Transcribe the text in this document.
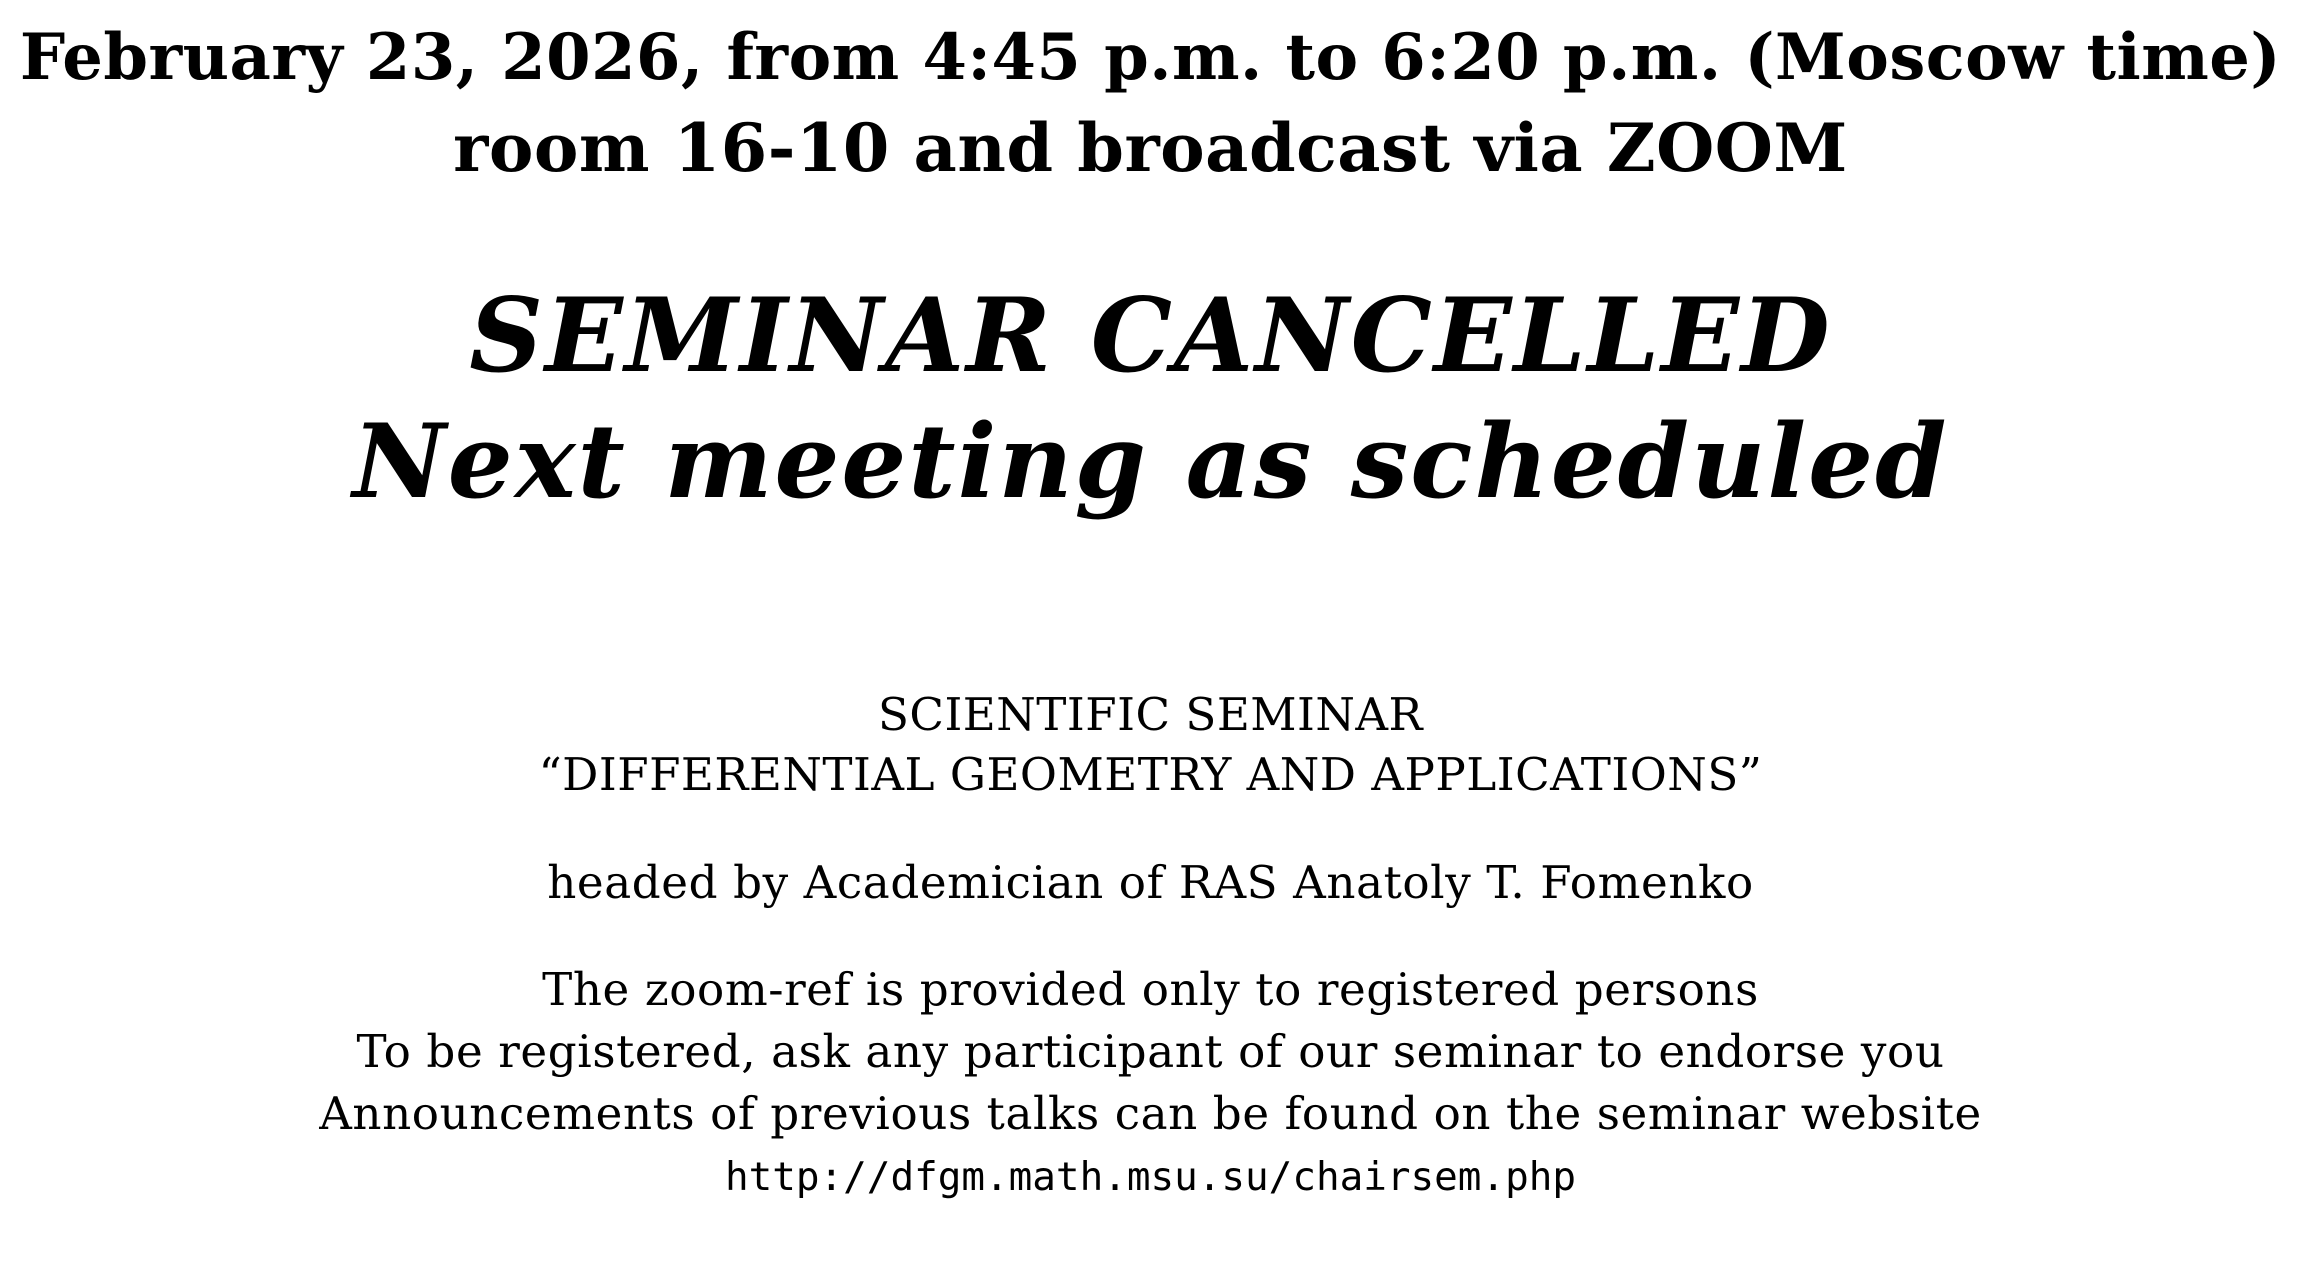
February 23, 2026, from 4:45 p.m. to 6:20 p.m. (Moscow time)
room 16-10 and broadcast via ZOOM
SEMINAR CANCELLED
Next meeting as scheduled
SCIENTIFIC SEMINAR
“DIFFERENTIAL GEOMETRY AND APPLICATIONS”
headed by Academician of RAS Anatoly T. Fomenko
The zoom-ref is provided only to registered persons
To be registered, ask any participant of our seminar to endorse you
Announcements of previous talks can be found on the seminar website
http://dfgm.math.msu.su/chairsem.php
